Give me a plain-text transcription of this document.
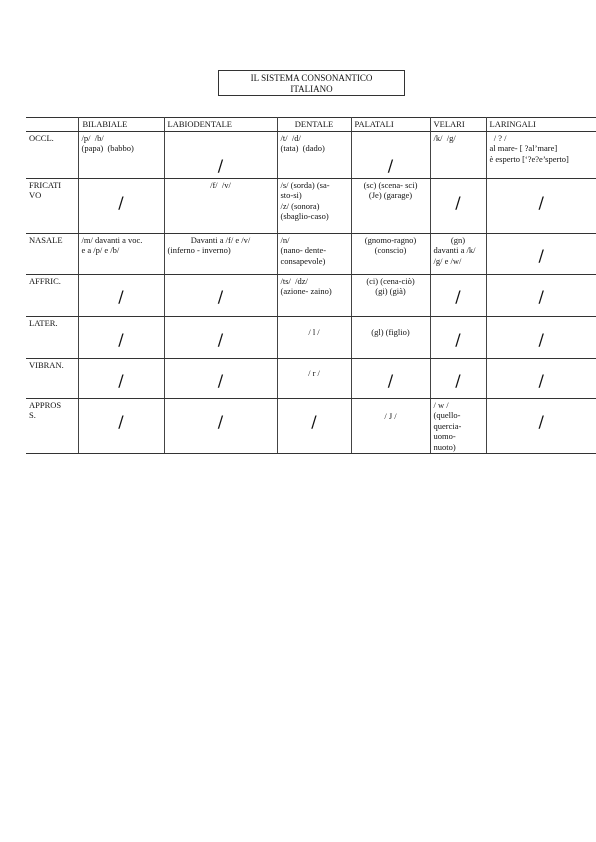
IL SISTEMA CONSONANTICO
ITALIANO
	BILABIALE	LABIODENTALE	DENTALE	PALATALI	VELARI	LARINGALI

OCCL.	/p/  /b/
(papa)  (babbo)	/	/t/  /d/
(tata)  (dado)	/	/k/  /g/	/ ? /
al mare- [ ?al’mare]
è esperto [‘?e?e’sperto]

FRICATI
VO	/	/f/  /v/	/s/ (sorda) (sa-
sto-si)
/z/ (sonora)
(sbaglio-caso)	(sc) (scena- sci)
(Je) (garage)	/	/

NASALE	/m/ davanti a voc.
e a /p/ e /b/	Davanti a /f/ e /v/
(inferno - inverno)	/n/
(nano- dente-
consapevole)	(gnomo-ragno)
(conscio)	(gn)
davanti a /k/
/g/ e /w/	/

AFFRIC.	/	/	/ts/  /dz/
(azione- zaino)	(ci) (cena-ciò)
(gi) (già)	/	/

LATER.	/	/	/ l /	(gl) (figlio)	/	/

VIBRAN.	/	/	/ r /	/	/	/

APPROS
S.	/	/	/	/ J /	/ w /
(quello-
quercia-
uomo-
nuoto)	/
